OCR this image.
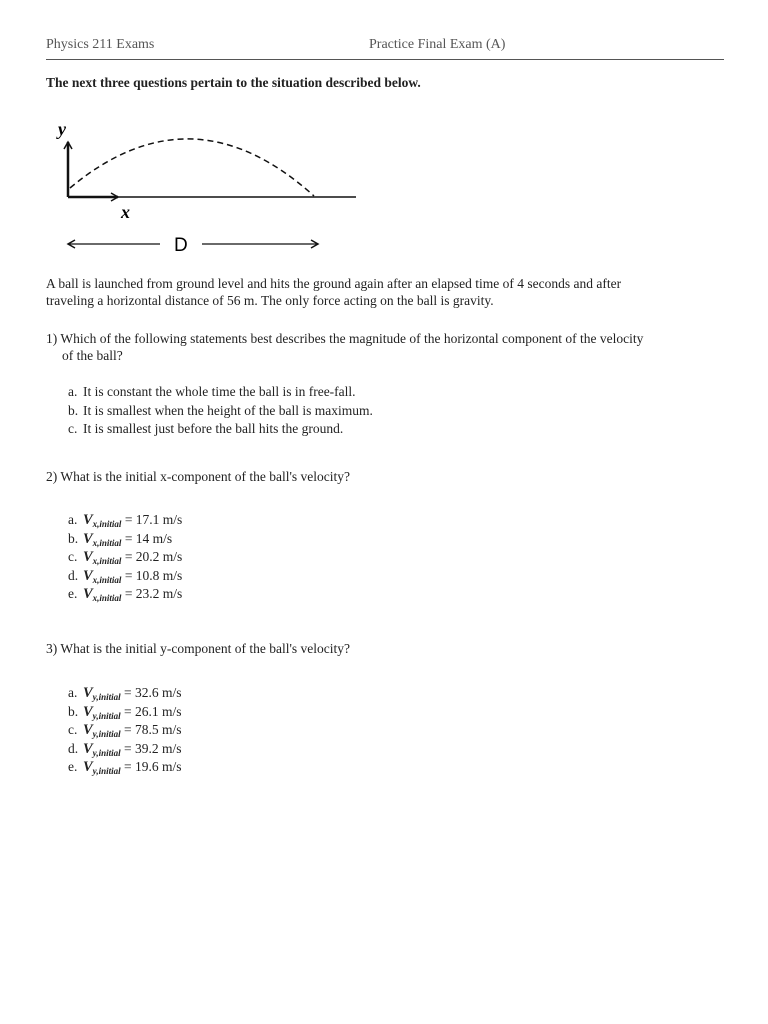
Physics 211 Exams	Practice Final Exam (A)
The next three questions pertain to the situation described below.
y
x
D
A ball is launched from ground level and hits the ground again after an elapsed time of 4 seconds and after
traveling a horizontal distance of 56 m. The only force acting on the ball is gravity.
1) Which of the following statements best describes the magnitude of the horizontal component of the velocity
of the ball?
a. It is constant the whole time the ball is in free-fall.
b. It is smallest when the height of the ball is maximum.
c. It is smallest just before the ball hits the ground.
2) What is the initial x-component of the ball's velocity?
a. $V_{x,initial} = 17.1$ m/s
b. $V_{x,initial} = 14$ m/s
c. $V_{x,initial} = 20.2$ m/s
d. $V_{x,initial} = 10.8$ m/s
e. $V_{x,initial} = 23.2$ m/s
3) What is the initial y-component of the ball's velocity?
a. $V_{y,initial} = 32.6$ m/s
b. $V_{y,initial} = 26.1$ m/s
c. $V_{y,initial} = 78.5$ m/s
d. $V_{y,initial} = 39.2$ m/s
e. $V_{y,initial} = 19.6$ m/s
